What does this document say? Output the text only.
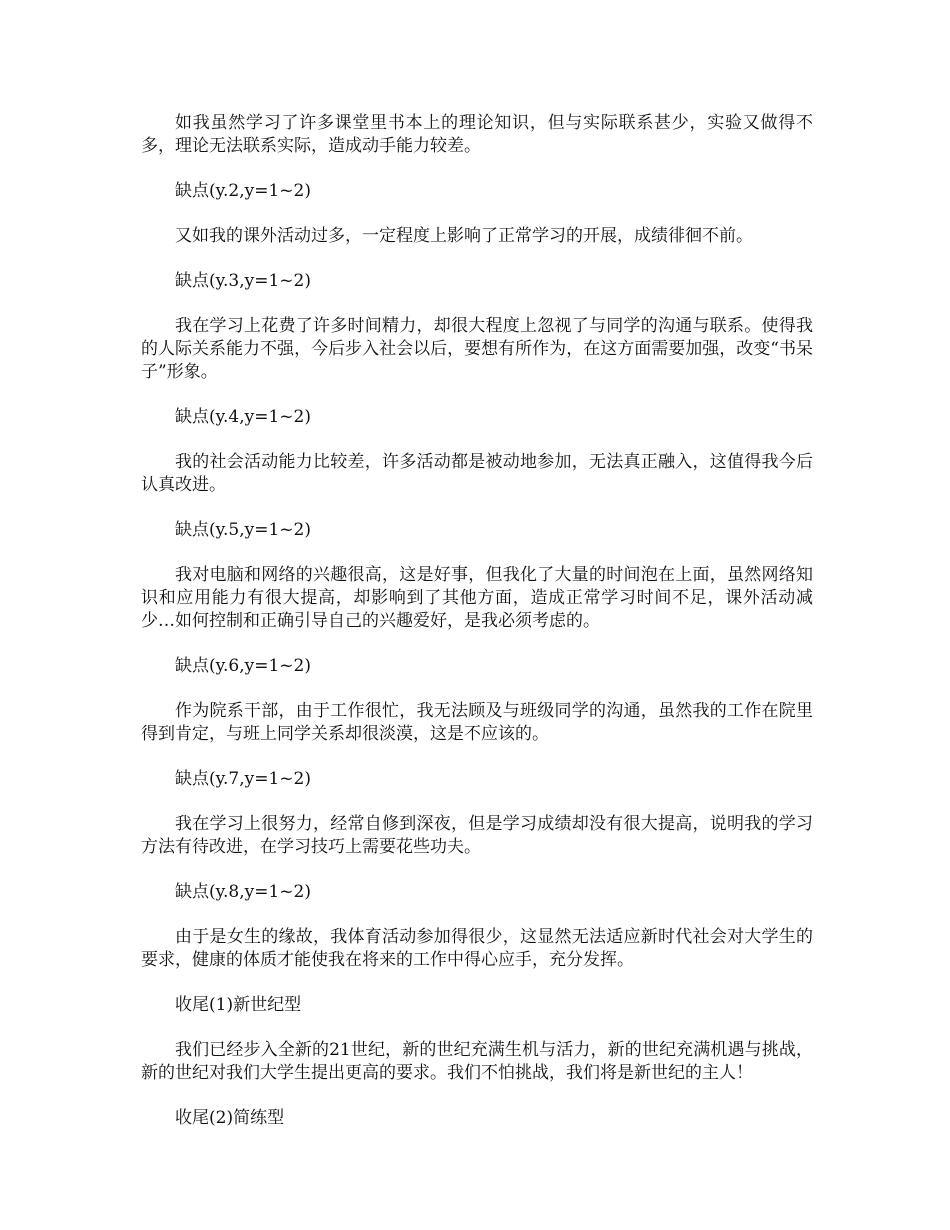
如我虽然学习了许多课堂里书本上的理论知识，但与实际联系甚少，实验又做得不多，理论无法联系实际，造成动手能力较差。

缺点(y.2,y=1~2)

又如我的课外活动过多，一定程度上影响了正常学习的开展，成绩徘徊不前。

缺点(y.3,y=1~2)

我在学习上花费了许多时间精力，却很大程度上忽视了与同学的沟通与联系。使得我的人际关系能力不强，今后步入社会以后，要想有所作为，在这方面需要加强，改变“书呆子”形象。

缺点(y.4,y=1~2)

我的社会活动能力比较差，许多活动都是被动地参加，无法真正融入，这值得我今后认真改进。

缺点(y.5,y=1~2)

我对电脑和网络的兴趣很高，这是好事，但我化了大量的时间泡在上面，虽然网络知识和应用能力有很大提高，却影响到了其他方面，造成正常学习时间不足，课外活动减少…如何控制和正确引导自己的兴趣爱好，是我必须考虑的。

缺点(y.6,y=1~2)

作为院系干部，由于工作很忙，我无法顾及与班级同学的沟通，虽然我的工作在院里得到肯定，与班上同学关系却很淡漠，这是不应该的。

缺点(y.7,y=1~2)

我在学习上很努力，经常自修到深夜，但是学习成绩却没有很大提高，说明我的学习方法有待改进，在学习技巧上需要花些功夫。

缺点(y.8,y=1~2)

由于是女生的缘故，我体育活动参加得很少，这显然无法适应新时代社会对大学生的要求，健康的体质才能使我在将来的工作中得心应手，充分发挥。

收尾(1)新世纪型

我们已经步入全新的21世纪，新的世纪充满生机与活力，新的世纪充满机遇与挑战，新的世纪对我们大学生提出更高的要求。我们不怕挑战，我们将是新世纪的主人！

收尾(2)简练型
